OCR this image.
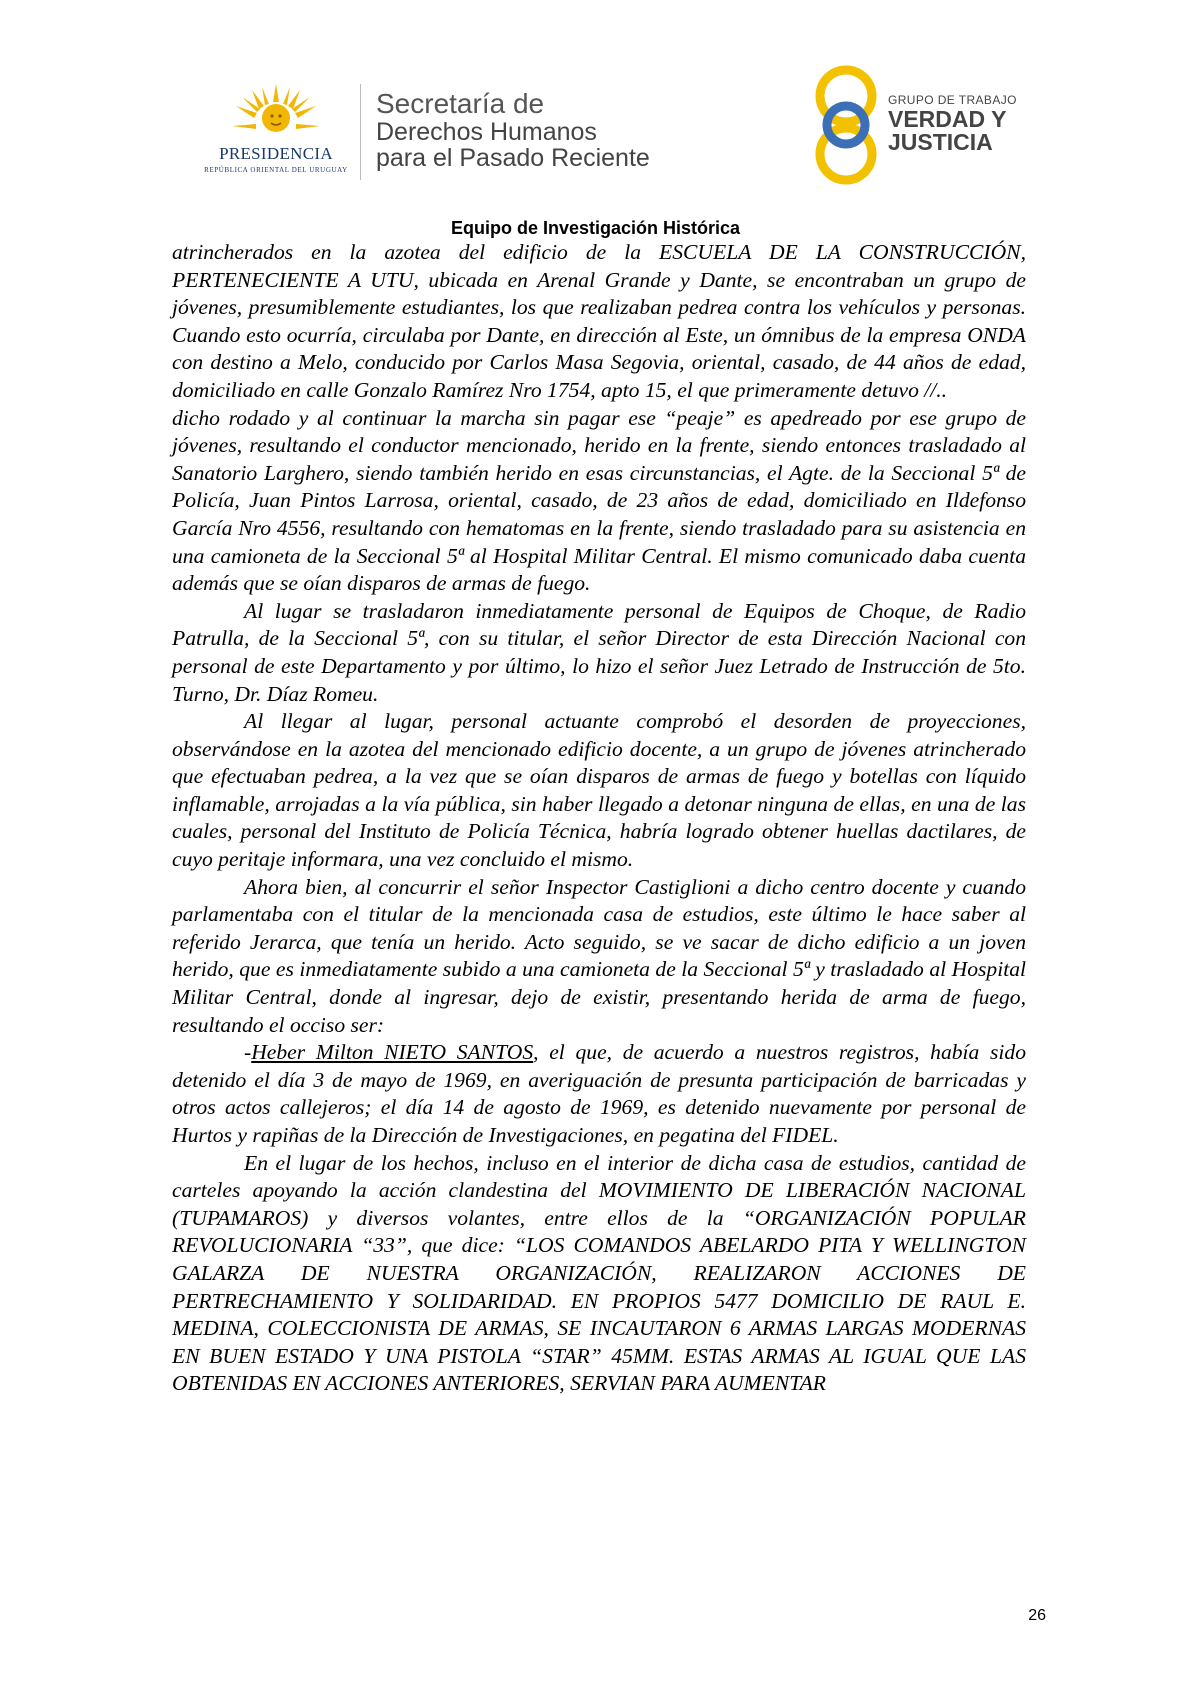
PRESIDENCIA
REPÚBLICA ORIENTAL DEL URUGUAY
Secretaría de
Derechos Humanos
para el Pasado Reciente
GRUPO DE TRABAJO
VERDAD Y
JUSTICIA
Equipo de Investigación Histórica

atrincherados en la azotea del edificio de la ESCUELA DE LA CONSTRUCCIÓN, PERTENECIENTE A UTU, ubicada en Arenal Grande y Dante, se encontraban un grupo de jóvenes, presumiblemente estudiantes, los que realizaban pedrea contra los vehículos y personas. Cuando esto ocurría, circulaba por Dante, en dirección al Este, un ómnibus de la empresa ONDA con destino a Melo, conducido por Carlos Masa Segovia, oriental, casado, de 44 años de edad, domiciliado en calle Gonzalo Ramírez Nro 1754, apto 15, el que primeramente detuvo //..

dicho rodado y al continuar la marcha sin pagar ese “peaje” es apedreado por ese grupo de jóvenes, resultando el conductor mencionado, herido en la frente, siendo entonces trasladado al Sanatorio Larghero, siendo también herido en esas circunstancias, el Agte. de la Seccional 5ª de Policía, Juan Pintos Larrosa, oriental, casado, de 23 años de edad, domiciliado en Ildefonso García Nro 4556, resultando con hematomas en la frente, siendo trasladado para su asistencia en una camioneta de la Seccional 5ª al Hospital Militar Central. El mismo comunicado daba cuenta además que se oían disparos de armas de fuego.

Al lugar se trasladaron inmediatamente personal de Equipos de Choque, de Radio Patrulla, de la Seccional 5ª, con su titular, el señor Director de esta Dirección Nacional con personal de este Departamento y por último, lo hizo el señor Juez Letrado de Instrucción de 5to. Turno, Dr. Díaz Romeu.

Al llegar al lugar, personal actuante comprobó el desorden de proyecciones, observándose en la azotea del mencionado edificio docente, a un grupo de jóvenes atrincherado que efectuaban pedrea, a la vez que se oían disparos de armas de fuego y botellas con líquido inflamable, arrojadas a la vía pública, sin haber llegado a detonar ninguna de ellas, en una de las cuales, personal del Instituto de Policía Técnica, habría logrado obtener huellas dactilares, de cuyo peritaje informara, una vez concluido el mismo.

Ahora bien, al concurrir el señor Inspector Castiglioni a dicho centro docente y cuando parlamentaba con el titular de la mencionada casa de estudios, este último le hace saber al referido Jerarca, que tenía un herido. Acto seguido, se ve sacar de dicho edificio a un joven herido, que es inmediatamente subido a una camioneta de la Seccional 5ª y trasladado al Hospital Militar Central, donde al ingresar, dejo de existir, presentando herida de arma de fuego, resultando el occiso ser:

-Heber Milton NIETO SANTOS, el que, de acuerdo a nuestros registros, había sido detenido el día 3 de mayo de 1969, en averiguación de presunta participación de barricadas y otros actos callejeros; el día 14 de agosto de 1969, es detenido nuevamente por personal de Hurtos y rapiñas de la Dirección de Investigaciones, en pegatina del FIDEL.

En el lugar de los hechos, incluso en el interior de dicha casa de estudios, cantidad de carteles apoyando la acción clandestina del MOVIMIENTO DE LIBERACIÓN NACIONAL (TUPAMAROS) y diversos volantes, entre ellos de la “ORGANIZACIÓN POPULAR REVOLUCIONARIA “33”, que dice: “LOS COMANDOS ABELARDO PITA Y WELLINGTON GALARZA DE NUESTRA ORGANIZACIÓN, REALIZARON ACCIONES DE PERTRECHAMIENTO Y SOLIDARIDAD. EN PROPIOS 5477 DOMICILIO DE RAUL E. MEDINA, COLECCIONISTA DE ARMAS, SE INCAUTARON 6 ARMAS LARGAS MODERNAS EN BUEN ESTADO Y UNA PISTOLA “STAR” 45MM. ESTAS ARMAS AL IGUAL QUE LAS OBTENIDAS EN ACCIONES ANTERIORES, SERVIAN PARA AUMENTAR

26
